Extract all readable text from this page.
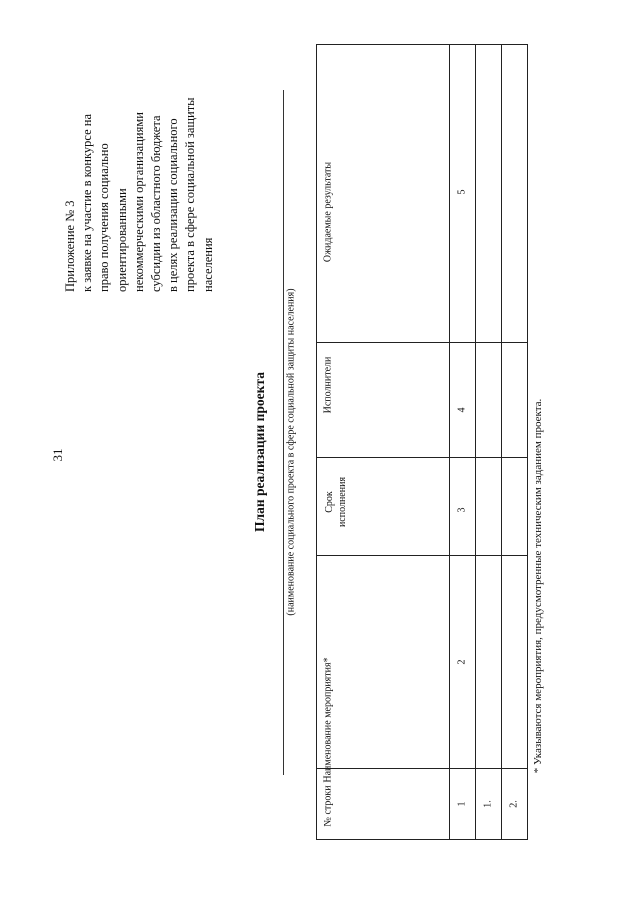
31
Приложение № 3 к заявке на участие в конкурсе на право получения социально ориентированными некоммерческими организациями субсидии из областного бюджета в целях реализации социального проекта в сфере социальной защиты населения
План реализации проекта (наименование социального проекта в сфере социальной защиты населения)
№ строки
Наименование мероприятия*
Срок
исполнения
Исполнители
Ожидаемые результаты
1
2
3
4
5
1. 2.
* Указываются мероприятия, предусмотренные техническим заданием проекта.
